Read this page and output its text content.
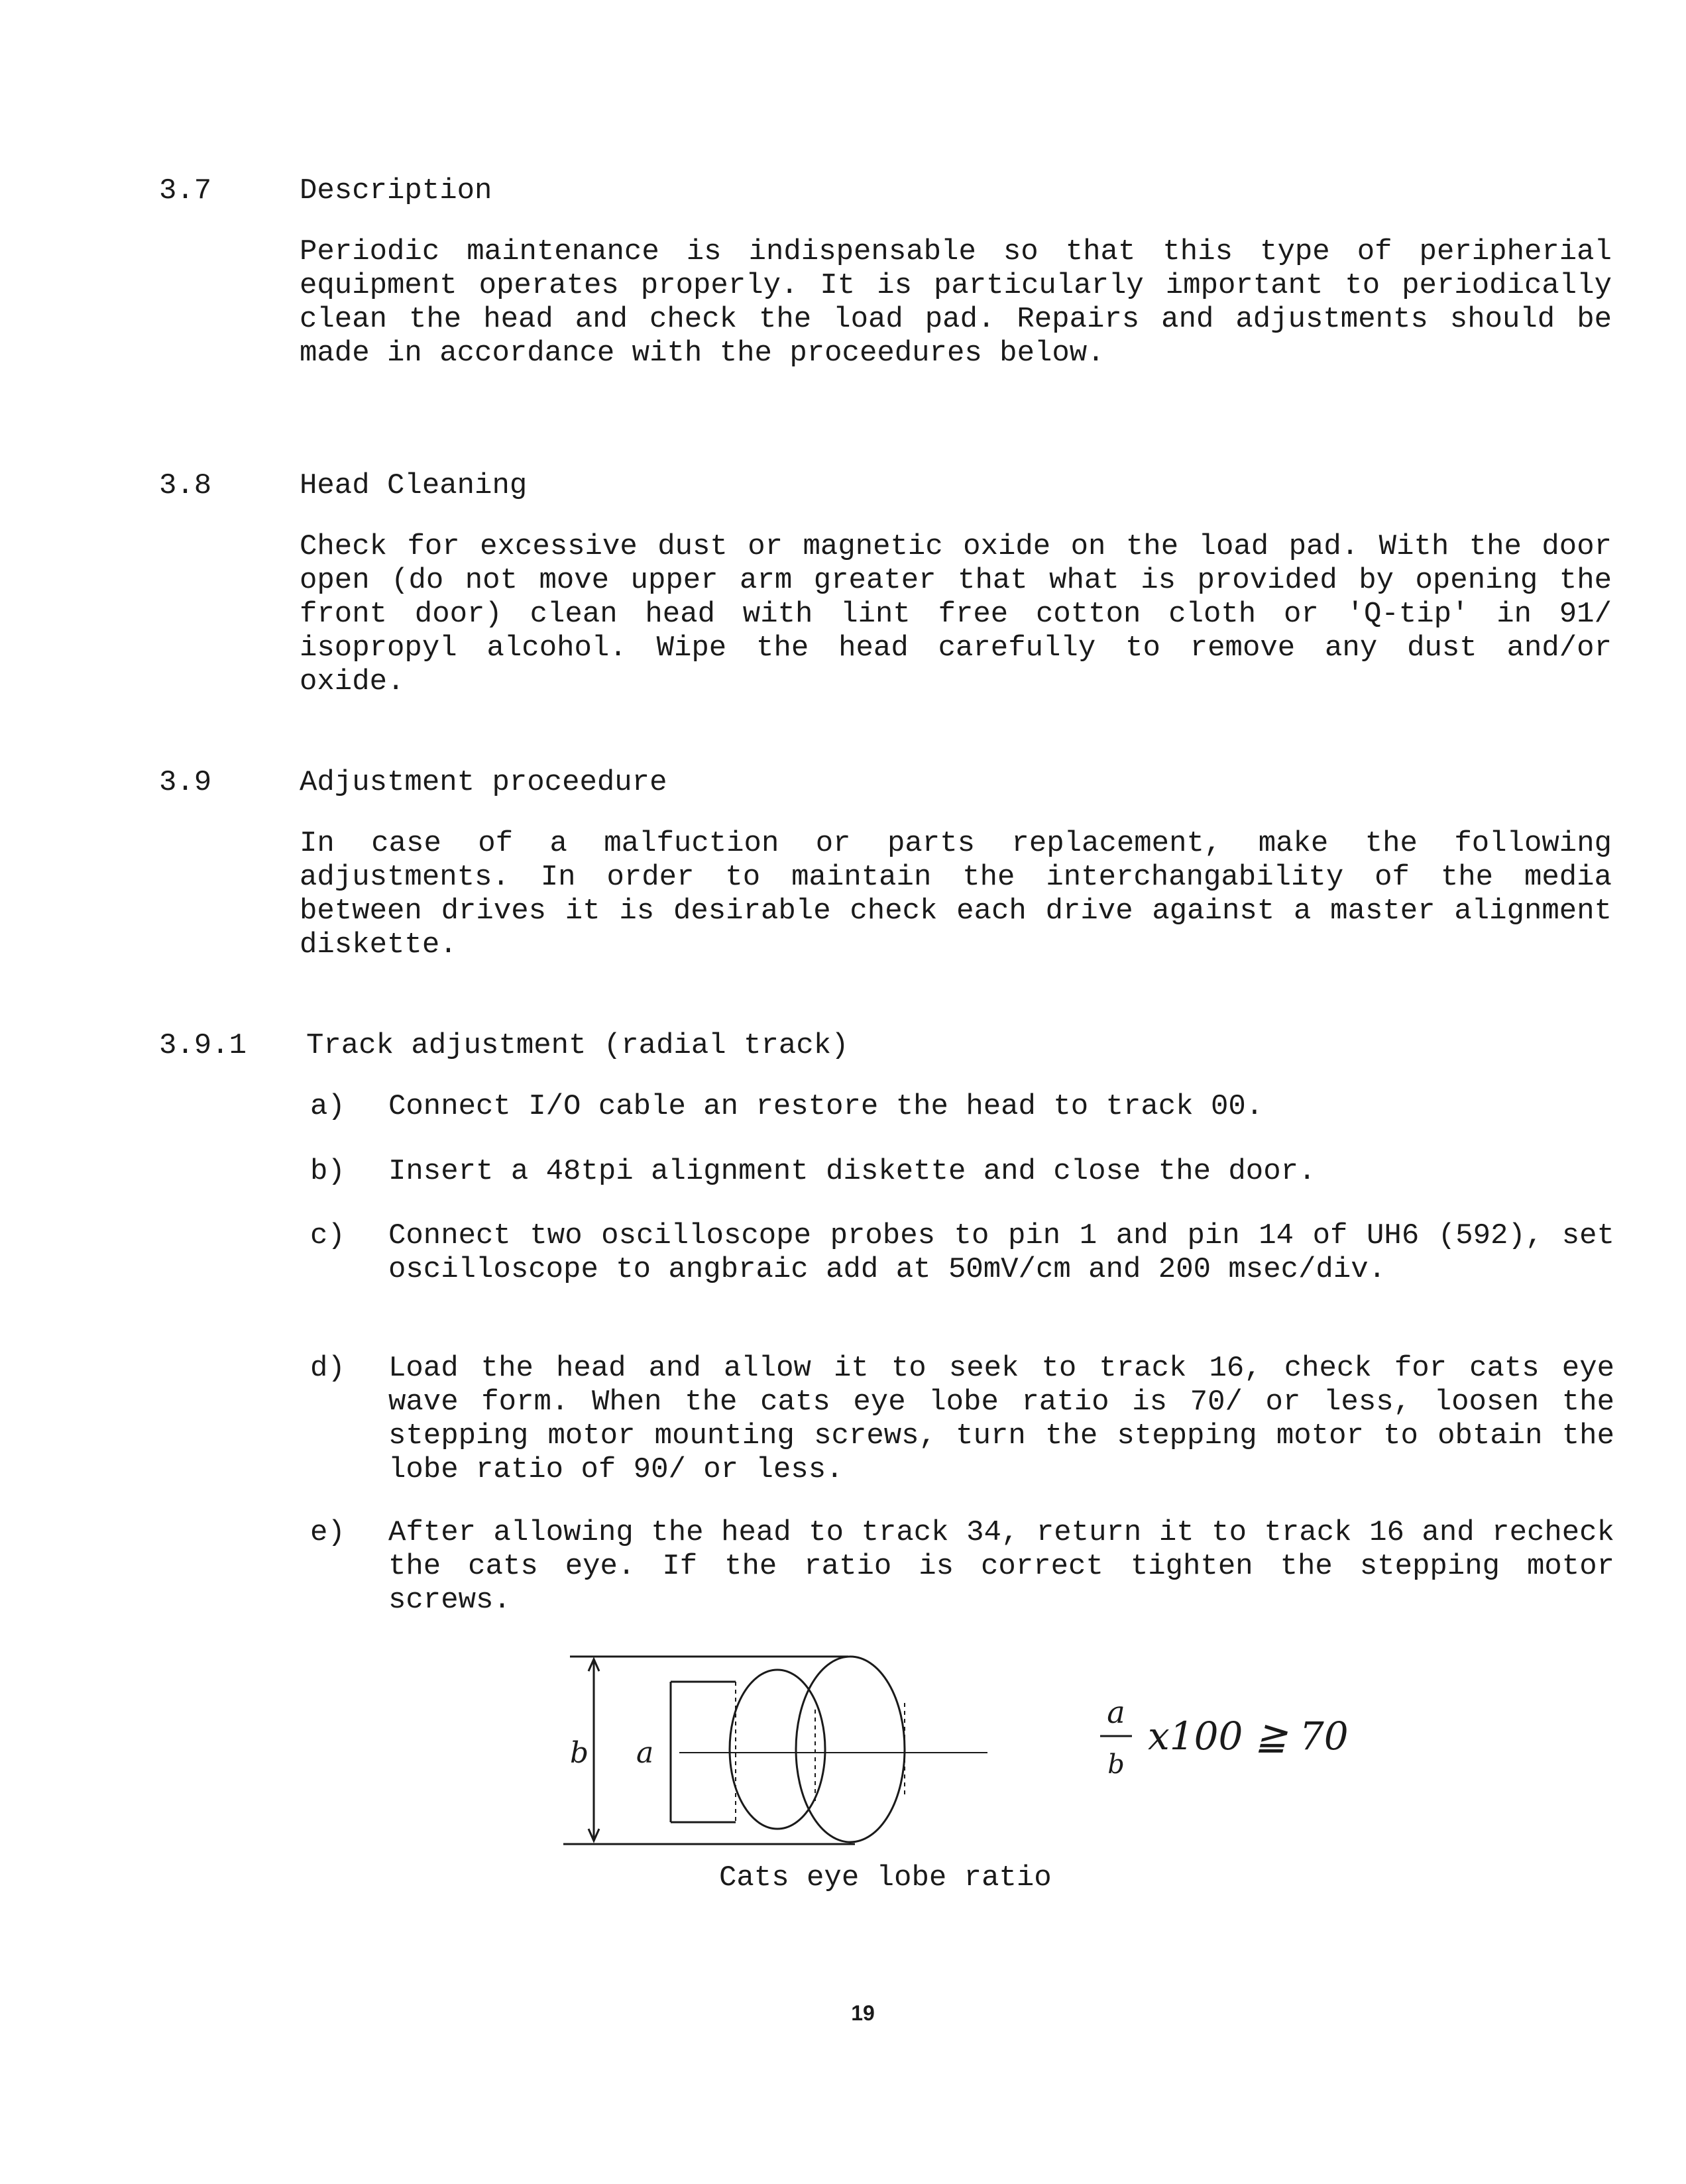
3.7	Description
Periodic maintenance is indispensable so that this type of peripherial equipment operates properly. It is particularly important to periodically clean the head and check the load pad. Repairs and adjustments should be made in accordance with the proceedures below.
3.8	Head Cleaning
Check for excessive dust or magnetic oxide on the load pad. With the door open (do not move upper arm greater that what is provided by opening the front door) clean head with lint free cotton cloth or 'Q-tip' in 91/ isopropyl alcohol. Wipe the head carefully to remove any dust and/or oxide.
3.9	Adjustment proceedure
In case of a malfuction or parts replacement, make the following adjustments. In order to maintain the interchangability of the media between drives it is desirable check each drive against a master alignment diskette.
3.9.1 Track adjustment (radial track)
a) Connect I/O cable an restore the head to track 00.
b) Insert a 48tpi alignment diskette and close the door.
c) Connect two oscilloscope probes to pin 1 and pin 14 of UH6 (592), set oscilloscope to angbraic add at 50mV/cm and 200 msec/div.
d) Load the head and allow it to seek to track 16, check for cats eye wave form. When the cats eye lobe ratio is 70/ or less, loosen the stepping motor mounting screws, turn the stepping motor to obtain the lobe ratio of 90/ or less.
e) After allowing the head to track 34, return it to track 16 and recheck the cats eye. If the ratio is correct tighten the stepping motor screws.
b a
a
b
x100 ≧ 70
Cats eye lobe ratio
19
